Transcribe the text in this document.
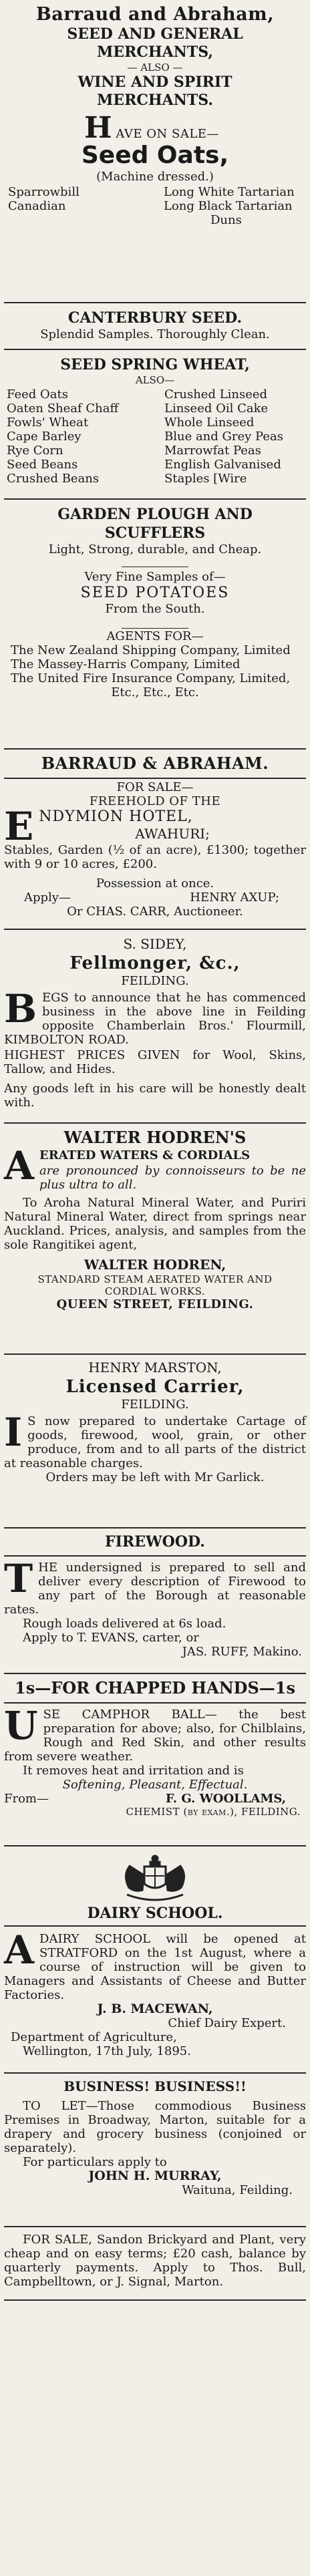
Barraud and Abraham,
SEED AND GENERAL
MERCHANTS,
— ALSO —
WINE AND SPIRIT
MERCHANTS.
H AVE ON SALE—
Seed Oats,
(Machine dressed.)
Sparrowbill
Canadian
Long White Tartarian
Long Black Tartarian
Duns
CANTERBURY SEED.
Splendid Samples. Thoroughly Clean.
SEED SPRING WHEAT,
ALSO—
Feed Oats
Oaten Sheaf Chaff
Fowls' Wheat
Cape Barley
Rye Corn
Seed Beans
Crushed Beans
Crushed Linseed
Linseed Oil Cake
Whole Linseed
Blue and Grey Peas
Marrowfat Peas
English Galvanised
Staples [Wire
GARDEN PLOUGH AND
SCUFFLERS
Light, Strong, durable, and Cheap.
Very Fine Samples of—
SEED POTATOES
From the South.
AGENTS FOR—
The New Zealand Shipping Company, Limited
The Massey-Harris Company, Limited
The United Fire Insurance Company, Limited,
Etc., Etc., Etc.
BARRAUD & ABRAHAM.
FOR SALE—
FREEHOLD OF THE
E NDYMION HOTEL,
AWAHURI;
Stables, Garden (½ of an acre), £1300; together with 9 or 10 acres, £200.
Possession at once.
Apply—	HENRY AXUP;
Or CHAS. CARR, Auctioneer.
S. SIDEY,
Fellmonger, &c.,
FEILDING.
BEGS to announce that he has commenced business in the above line in Feilding opposite Chamberlain Bros.' Flourmill, KIMBOLTON ROAD.
HIGHEST PRICES GIVEN for Wool, Skins, Tallow, and Hides.
Any goods left in his care will be honestly dealt with.
WALTER HODREN'S
A ERATED WATERS & CORDIALS
are pronounced by connoisseurs to be ne plus ultra to all.
To Aroha Natural Mineral Water, and Puriri Natural Mineral Water, direct from springs near Auckland. Prices, analysis, and samples from the sole Rangitikei agent,
WALTER HODREN,
STANDARD STEAM AERATED WATER AND
CORDIAL WORKS.
QUEEN STREET, FEILDING.
HENRY MARSTON,
Licensed Carrier,
FEILDING.
I S now prepared to undertake Cartage of goods, firewood, wool, grain, or other produce, from and to all parts of the district at reasonable charges.
Orders may be left with Mr Garlick.
FIREWOOD.
THE undersigned is prepared to sell and deliver every description of Firewood to any part of the Borough at reasonable rates.
Rough loads delivered at 6s load.
Apply to T. EVANS, carter, or
JAS. RUFF, Makino.
1s—FOR CHAPPED HANDS—1s
USE CAMPHOR BALL— the best preparation for above; also, for Chilblains, Rough and Red Skin, and other results from severe weather.
It removes heat and irritation and is
Softening, Pleasant, Effectual.
From—	F. G. WOOLLAMS,
CHEMIST (by exam.), FEILDING.
DAIRY SCHOOL.
ADAIRY SCHOOL will be opened at STRATFORD on the 1st August, where a course of instruction will be given to Managers and Assistants of Cheese and Butter Factories.
J. B. MACEWAN,
Chief Dairy Expert.
Department of Agriculture,
Wellington, 17th July, 1895.
BUSINESS! BUSINESS!!
TO LET—Those commodious Business Premises in Broadway, Marton, suitable for a drapery and grocery business (conjoined or separately).
For particulars apply to
JOHN H. MURRAY,
Waituna, Feilding.
FOR SALE, Sandon Brickyard and Plant, very cheap and on easy terms; £20 cash, balance by quarterly payments. Apply to Thos. Bull, Campbelltown, or J. Signal, Marton.
